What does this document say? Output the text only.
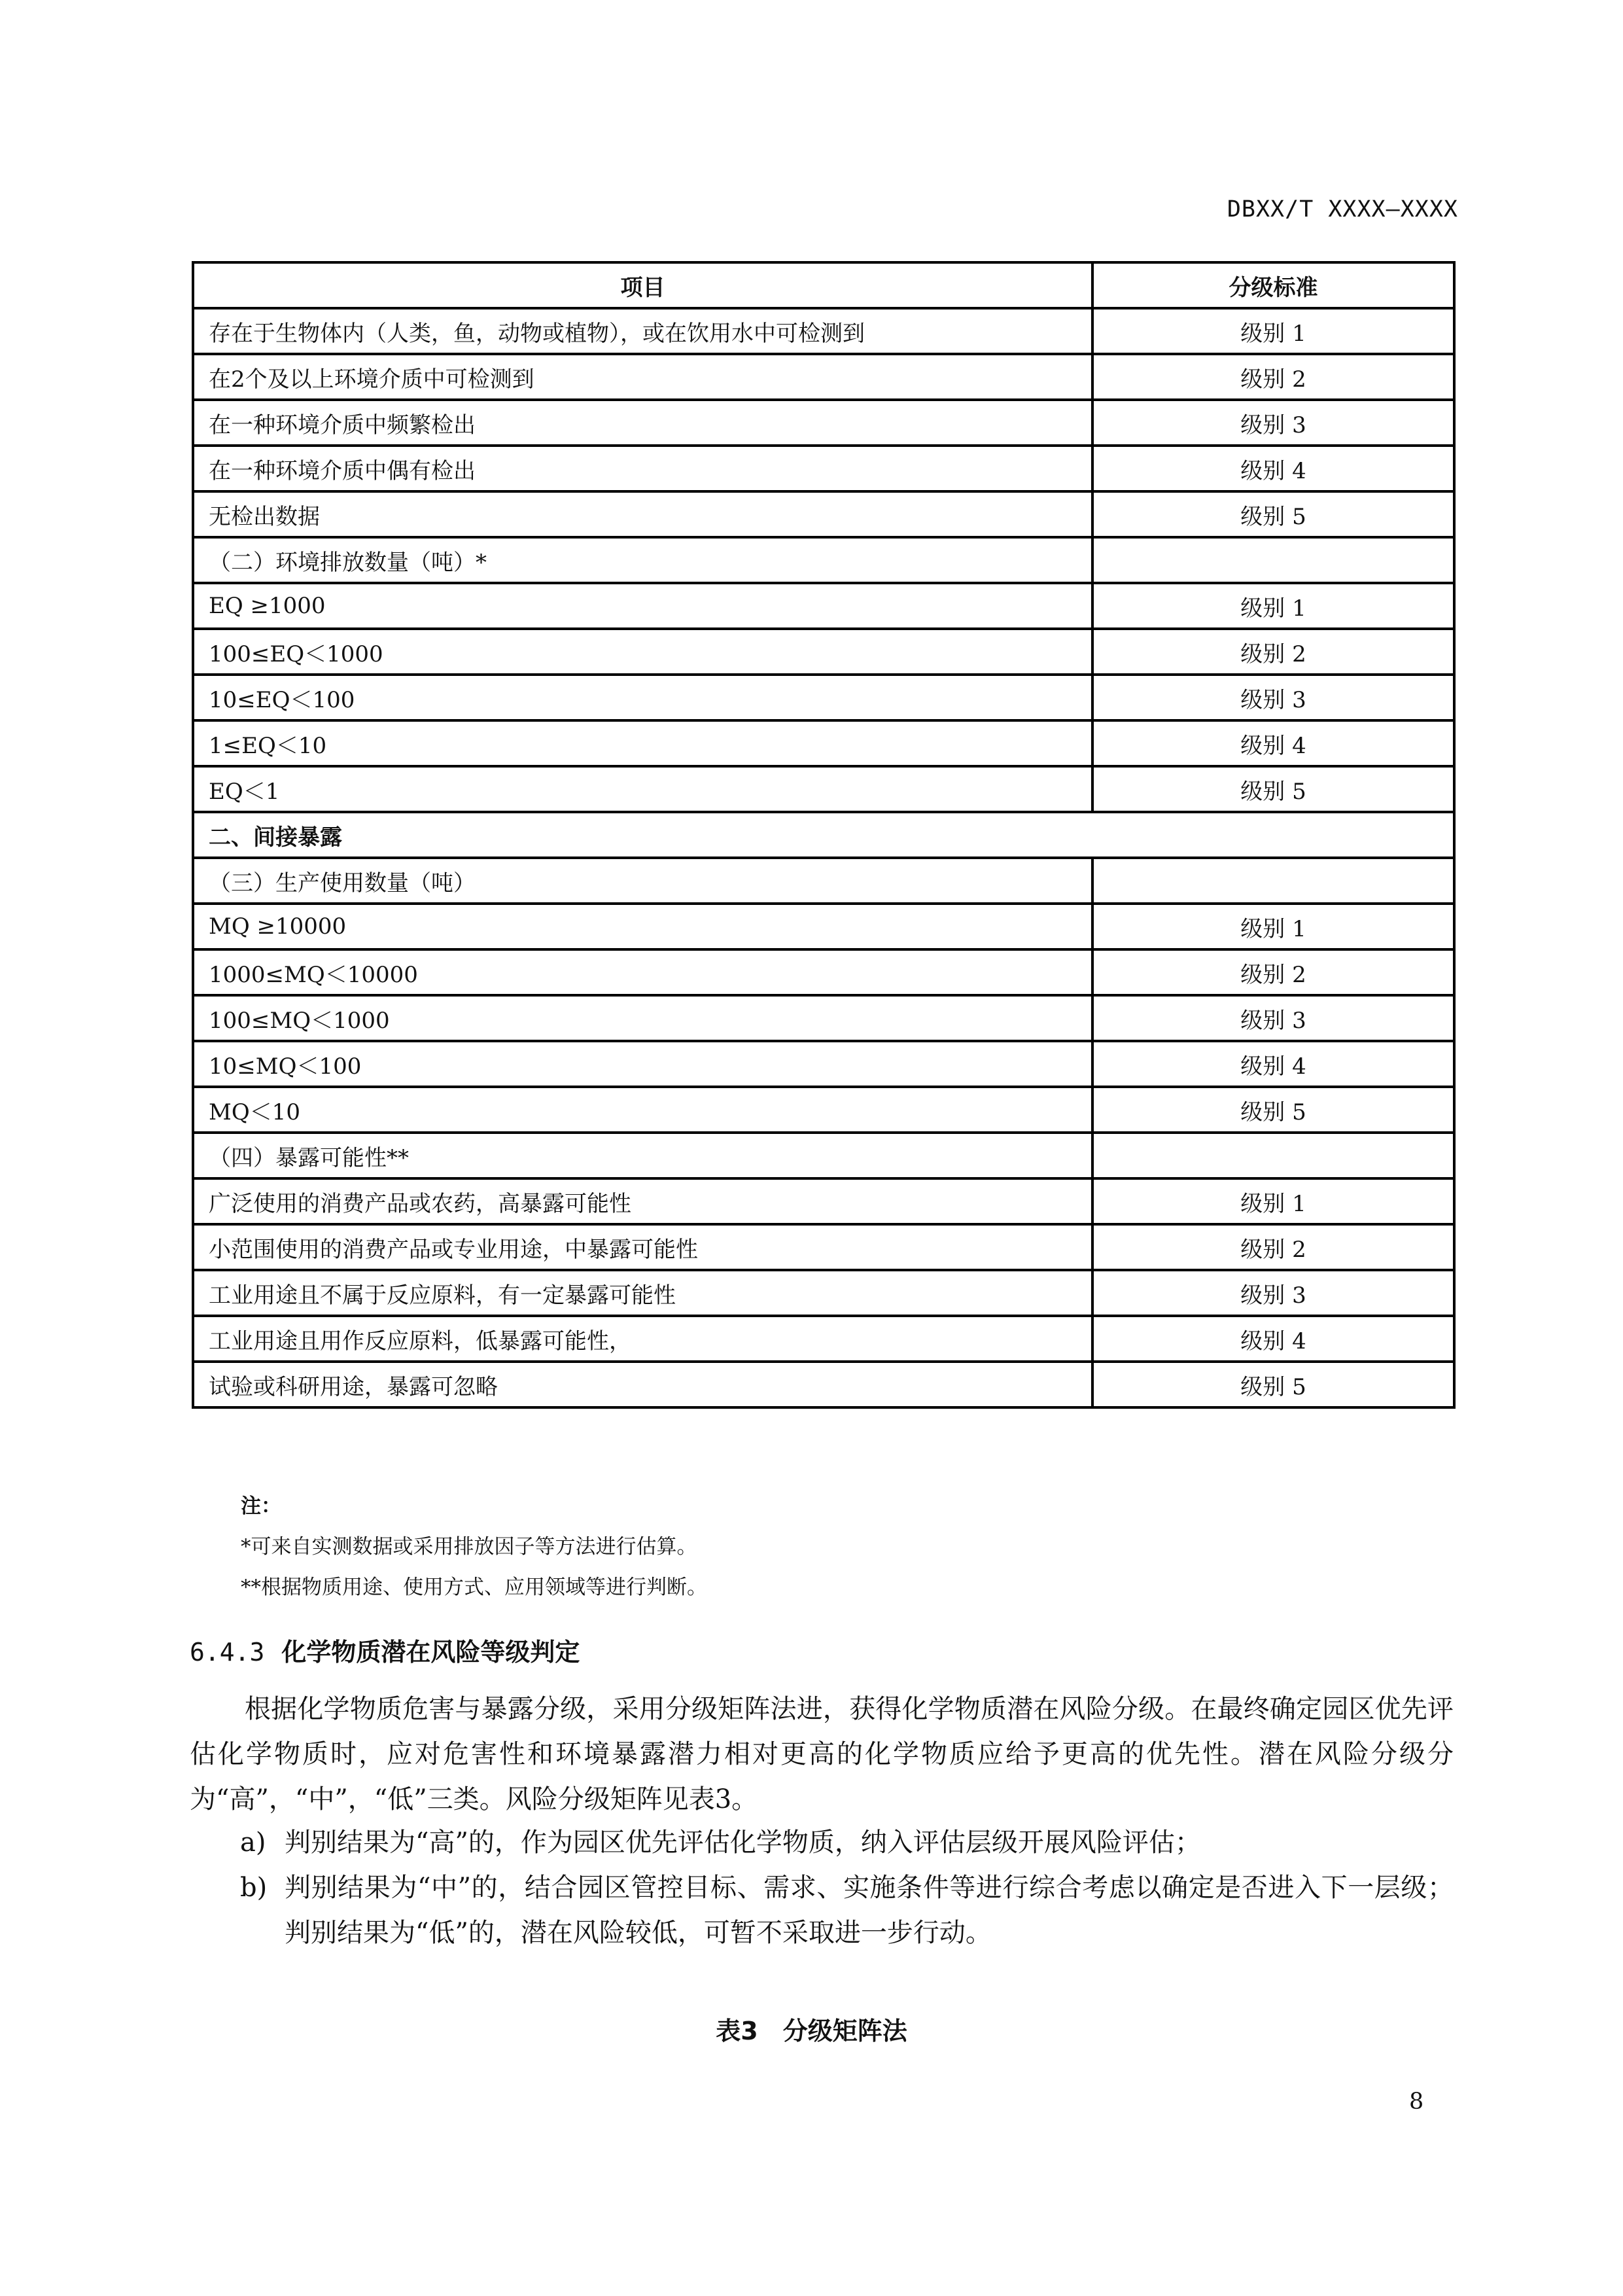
DBXX/T XXXX—XXXX
项目	分级标准
存在于生物体内（人类，鱼，动物或植物），或在饮用水中可检测到	级别 1
在2个及以上环境介质中可检测到	级别 2
在一种环境介质中频繁检出	级别 3
在一种环境介质中偶有检出	级别 4
无检出数据	级别 5
（二）环境排放数量（吨）*	
EQ ≥1000	级别 1
100≤EQ＜1000	级别 2
10≤EQ＜100	级别 3
1≤EQ＜10	级别 4
EQ＜1	级别 5
二、间接暴露	
（三）生产使用数量（吨）	
MQ ≥10000	级别 1
1000≤MQ＜10000	级别 2
100≤MQ＜1000	级别 3
10≤MQ＜100	级别 4
MQ＜10	级别 5
（四）暴露可能性**	
广泛使用的消费产品或农药，高暴露可能性	级别 1
小范围使用的消费产品或专业用途，中暴露可能性	级别 2
工业用途且不属于反应原料，有一定暴露可能性	级别 3
工业用途且用作反应原料，低暴露可能性，	级别 4
试验或科研用途，暴露可忽略	级别 5
注：
*可来自实测数据或采用排放因子等方法进行估算。
**根据物质用途、使用方式、应用领域等进行判断。
6.4.3 化学物质潜在风险等级判定
根据化学物质危害与暴露分级，采用分级矩阵法进，获得化学物质潜在风险分级。在最终确定园区优先评估化学物质时，应对危害性和环境暴露潜力相对更高的化学物质应给予更高的优先性。潜在风险分级分为“高”，“中”，“低”三类。风险分级矩阵见表3。
a) 判别结果为“高”的，作为园区优先评估化学物质，纳入评估层级开展风险评估；
b) 判别结果为“中”的，结合园区管控目标、需求、实施条件等进行综合考虑以确定是否进入下一层级；判别结果为“低”的，潜在风险较低，可暂不采取进一步行动。
表3　分级矩阵法
8
